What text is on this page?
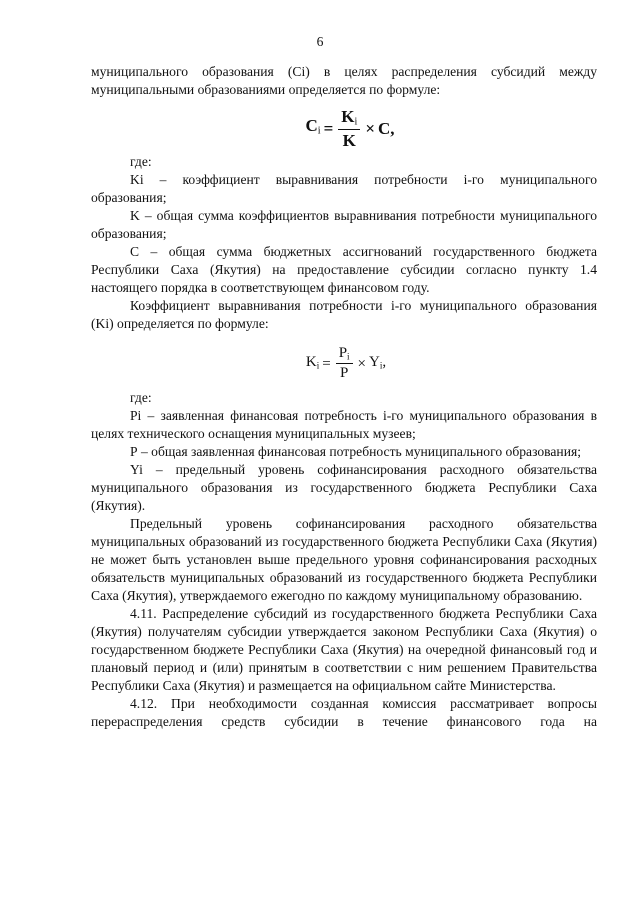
6

муниципального образования (Сi) в целях распределения субсидий между муниципальными образованиями определяется по формуле:

$C_i = \frac{K_i}{K} \times C$,

где:

Ki – коэффициент выравнивания потребности i-го муниципального образования;

K – общая сумма коэффициентов выравнивания потребности муниципального образования;

С – общая сумма бюджетных ассигнований государственного бюджета Республики Саха (Якутия) на предоставление субсидии согласно пункту 1.4 настоящего порядка в соответствующем финансовом году.

Коэффициент выравнивания потребности i-го муниципального образования (Ki) определяется по формуле:

$K_i = \frac{P_i}{P} \times Y_i$,

где:

Pi – заявленная финансовая потребность i-го муниципального образования в целях технического оснащения муниципальных музеев;

Р – общая заявленная финансовая потребность муниципального образования;

Yi – предельный уровень софинансирования расходного обязательства муниципального образования из государственного бюджета Республики Саха (Якутия).

Предельный уровень софинансирования расходного обязательства муниципальных образований из государственного бюджета Республики Саха (Якутия) не может быть установлен выше предельного уровня софинансирования расходных обязательств муниципальных образований из государственного бюджета Республики Саха (Якутия), утверждаемого ежегодно по каждому муниципальному образованию.

4.11. Распределение субсидий из государственного бюджета Республики Саха (Якутия) получателям субсидии утверждается законом Республики Саха (Якутия) о государственном бюджете Республики Саха (Якутия) на очередной финансовый год и плановый период и (или) принятым в соответствии с ним решением Правительства Республики Саха (Якутия) и размещается на официальном сайте Министерства.

4.12. При необходимости созданная комиссия рассматривает вопросы перераспределения средств субсидии в течение финансового года на
